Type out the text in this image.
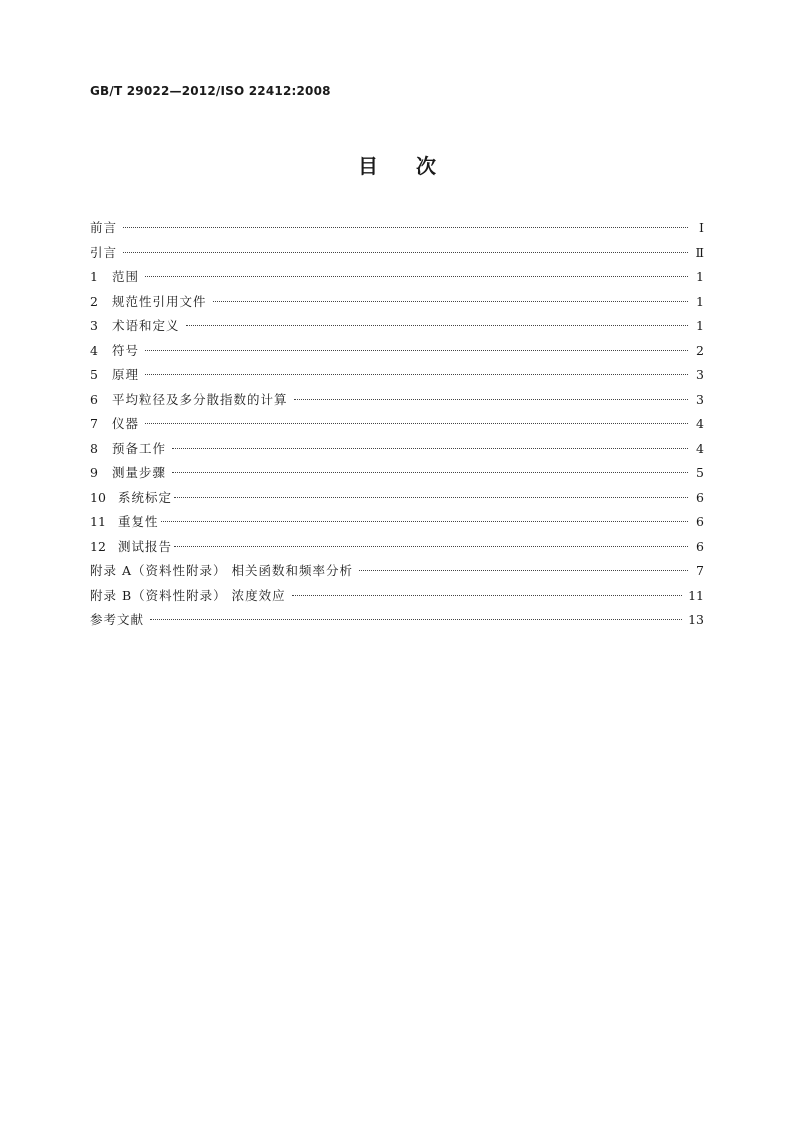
GB/T 29022—2012/ISO 22412:2008
目次
前言	Ⅰ
引言	Ⅱ
1	范围	1
2	规范性引用文件	1
3	术语和定义	1
4	符号	2
5	原理	3
6	平均粒径及多分散指数的计算	3
7	仪器	4
8	预备工作	4
9	测量步骤	5
10 系统标定	6
11 重复性	6
12 测试报告	6
附录 A（资料性附录） 相关函数和频率分析	7
附录 B（资料性附录） 浓度效应	11
参考文献	13
